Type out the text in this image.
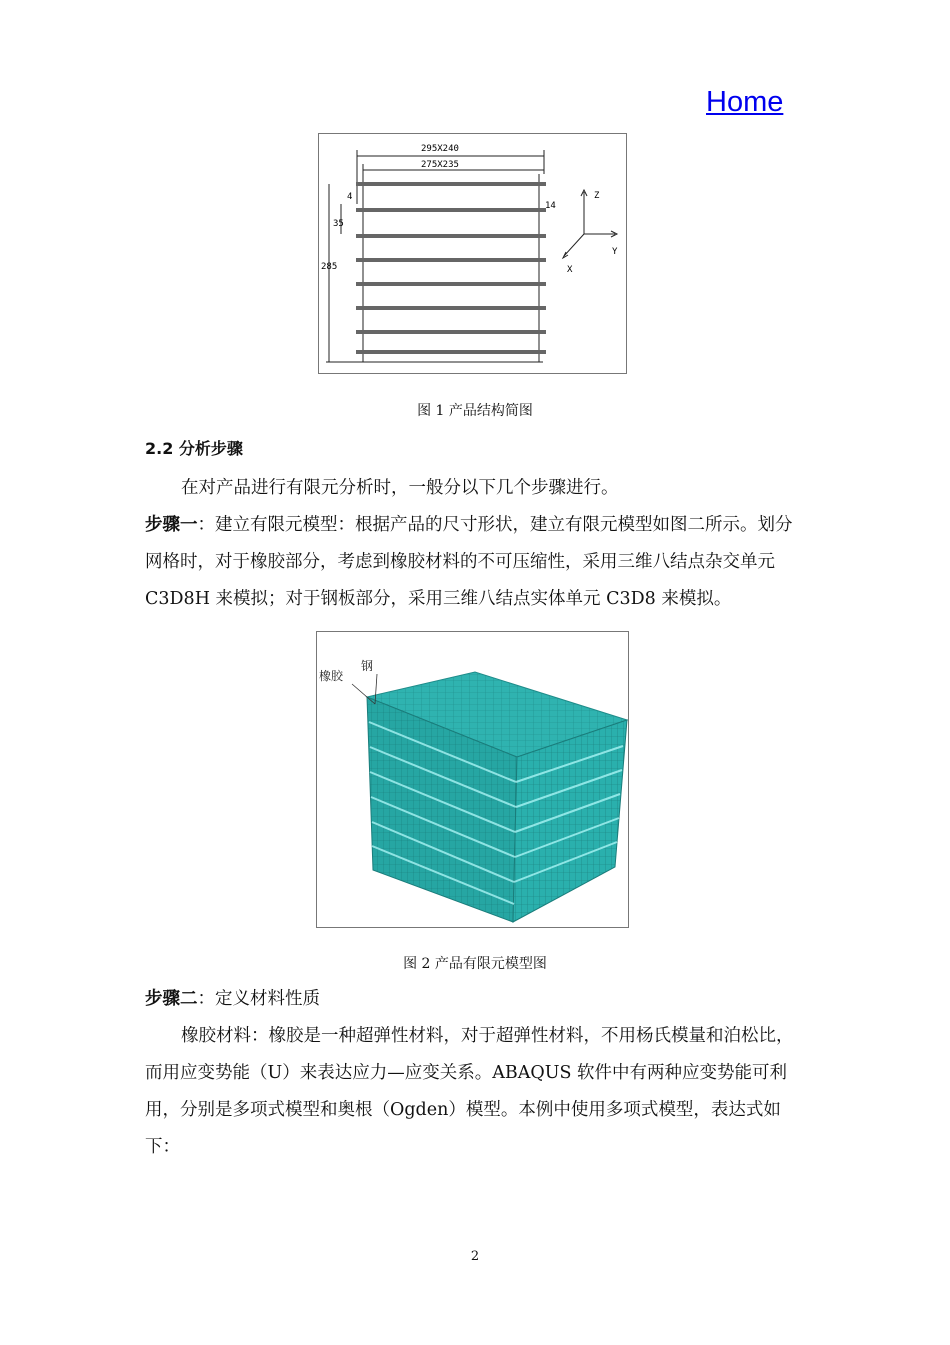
Home
295X240
275X235
4
14
35
285
Z
Y
X
图 1 产品结构简图
2.2 分析步骤
在对产品进行有限元分析时，一般分以下几个步骤进行。
步骤一：建立有限元模型：根据产品的尺寸形状，建立有限元模型如图二所示。划分网格时，对于橡胶部分，考虑到橡胶材料的不可压缩性，采用三维八结点杂交单元 C3D8H 来模拟；对于钢板部分，采用三维八结点实体单元 C3D8 来模拟。
橡胶
钢
图 2 产品有限元模型图
步骤二：定义材料性质
橡胶材料：橡胶是一种超弹性材料，对于超弹性材料，不用杨氏模量和泊松比，而用应变势能（U）来表达应力—应变关系。ABAQUS 软件中有两种应变势能可利用，分别是多项式模型和奥根（Ogden）模型。本例中使用多项式模型，表达式如下：
2
